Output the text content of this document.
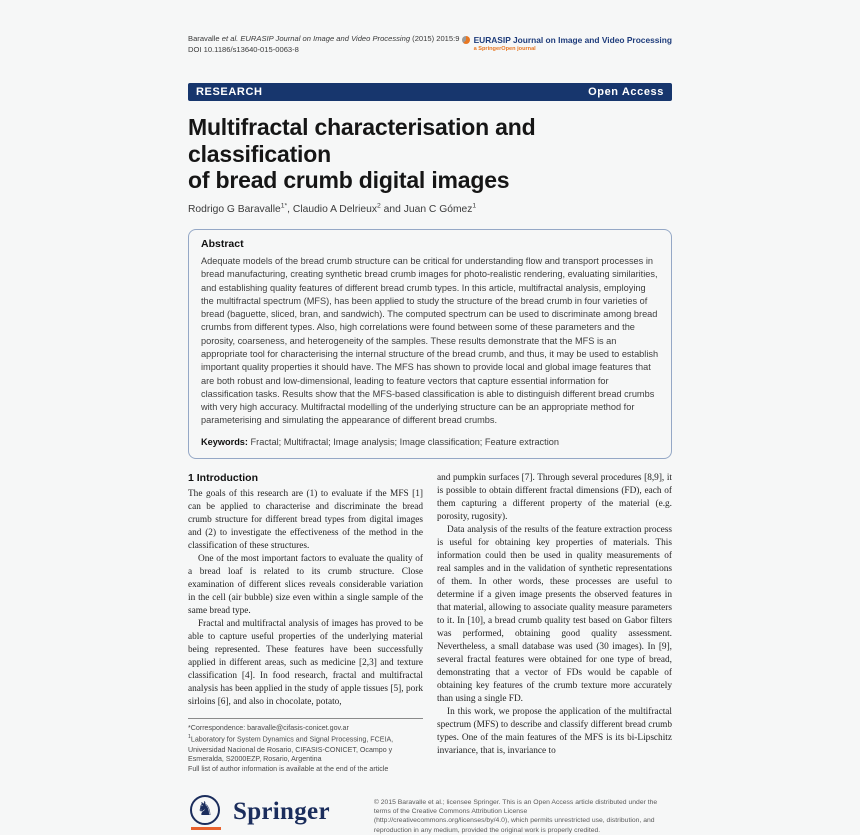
Baravalle et al. EURASIP Journal on Image and Video Processing (2015) 2015:9
DOI 10.1186/s13640-015-0063-8
EURASIP Journal on Image and Video Processing
a SpringerOpen journal
RESEARCH	Open Access
Multifractal characterisation and classification
of bread crumb digital images
Rodrigo G Baravalle$^{1*}$, Claudio A Delrieux$^2$ and Juan C Gómez$^1$
Abstract
Adequate models of the bread crumb structure can be critical for understanding flow and transport processes in bread manufacturing, creating synthetic bread crumb images for photo-realistic rendering, evaluating similarities, and establishing quality features of different bread crumb types. In this article, multifractal analysis, employing the multifractal spectrum (MFS), has been applied to study the structure of the bread crumb in four varieties of bread (baguette, sliced, bran, and sandwich). The computed spectrum can be used to discriminate among bread crumbs from different types. Also, high correlations were found between some of these parameters and the porosity, coarseness, and heterogeneity of the samples. These results demonstrate that the MFS is an appropriate tool for characterising the internal structure of the bread crumb, and thus, it may be used to establish important quality properties it should have. The MFS has shown to provide local and global image features that are both robust and low-dimensional, leading to feature vectors that capture essential information for classification tasks. Results show that the MFS-based classification is able to distinguish different bread crumbs with very high accuracy. Multifractal modelling of the underlying structure can be an appropriate method for parameterising and simulating the appearance of different bread crumbs.
Keywords: Fractal; Multifractal; Image analysis; Image classification; Feature extraction
1 Introduction

The goals of this research are (1) to evaluate if the MFS [1] can be applied to characterise and discriminate the bread crumb structure for different bread types from digital images and (2) to investigate the effectiveness of the method in the classification of these structures.

One of the most important factors to evaluate the quality of a bread loaf is related to its crumb structure. Close examination of different slices reveals considerable variation in the cell (air bubble) size even within a single sample of the same bread type.

Fractal and multifractal analysis of images has proved to be able to capture useful properties of the underlying material being represented. These features have been successfully applied in different areas, such as medicine [2,3] and texture classification [4]. In food research, fractal and multifractal analysis has been applied in the study of apple tissues [5], pork sirloins [6], and also in chocolate, potato,

*Correspondence: baravalle@cifasis-conicet.gov.ar
$^1$Laboratory for System Dynamics and Signal Processing, FCEIA, Universidad Nacional de Rosario, CIFASIS-CONICET, Ocampo y Esmeralda, S2000EZP, Rosario, Argentina
Full list of author information is available at the end of the article

and pumpkin surfaces [7]. Through several procedures [8,9], it is possible to obtain different fractal dimensions (FD), each of them capturing a different property of the material (e.g. porosity, rugosity).

Data analysis of the results of the feature extraction process is useful for obtaining key properties of materials. This information could then be used in quality measurements of real samples and in the validation of synthetic representations of them. In other words, these processes are useful to determine if a given image presents the observed features in that material, allowing to associate quality measure parameters to it. In [10], a bread crumb quality test based on Gabor filters was performed, obtaining good quality assessment. Nevertheless, a small database was used (30 images). In [9], several fractal features were obtained for one type of bread, demonstrating that a vector of FDs would be capable of obtaining key features of the crumb texture more accurately than using a single FD.

In this work, we propose the application of the multifractal spectrum (MFS) to describe and classify different bread crumb types. One of the main features of the MFS is its bi-Lipschitz invariance, that is, invariance to

♞ Springer	© 2015 Baravalle et al.; licensee Springer. This is an Open Access article distributed under the terms of the Creative Commons Attribution License (http://creativecommons.org/licenses/by/4.0), which permits unrestricted use, distribution, and reproduction in any medium, provided the original work is properly credited.
